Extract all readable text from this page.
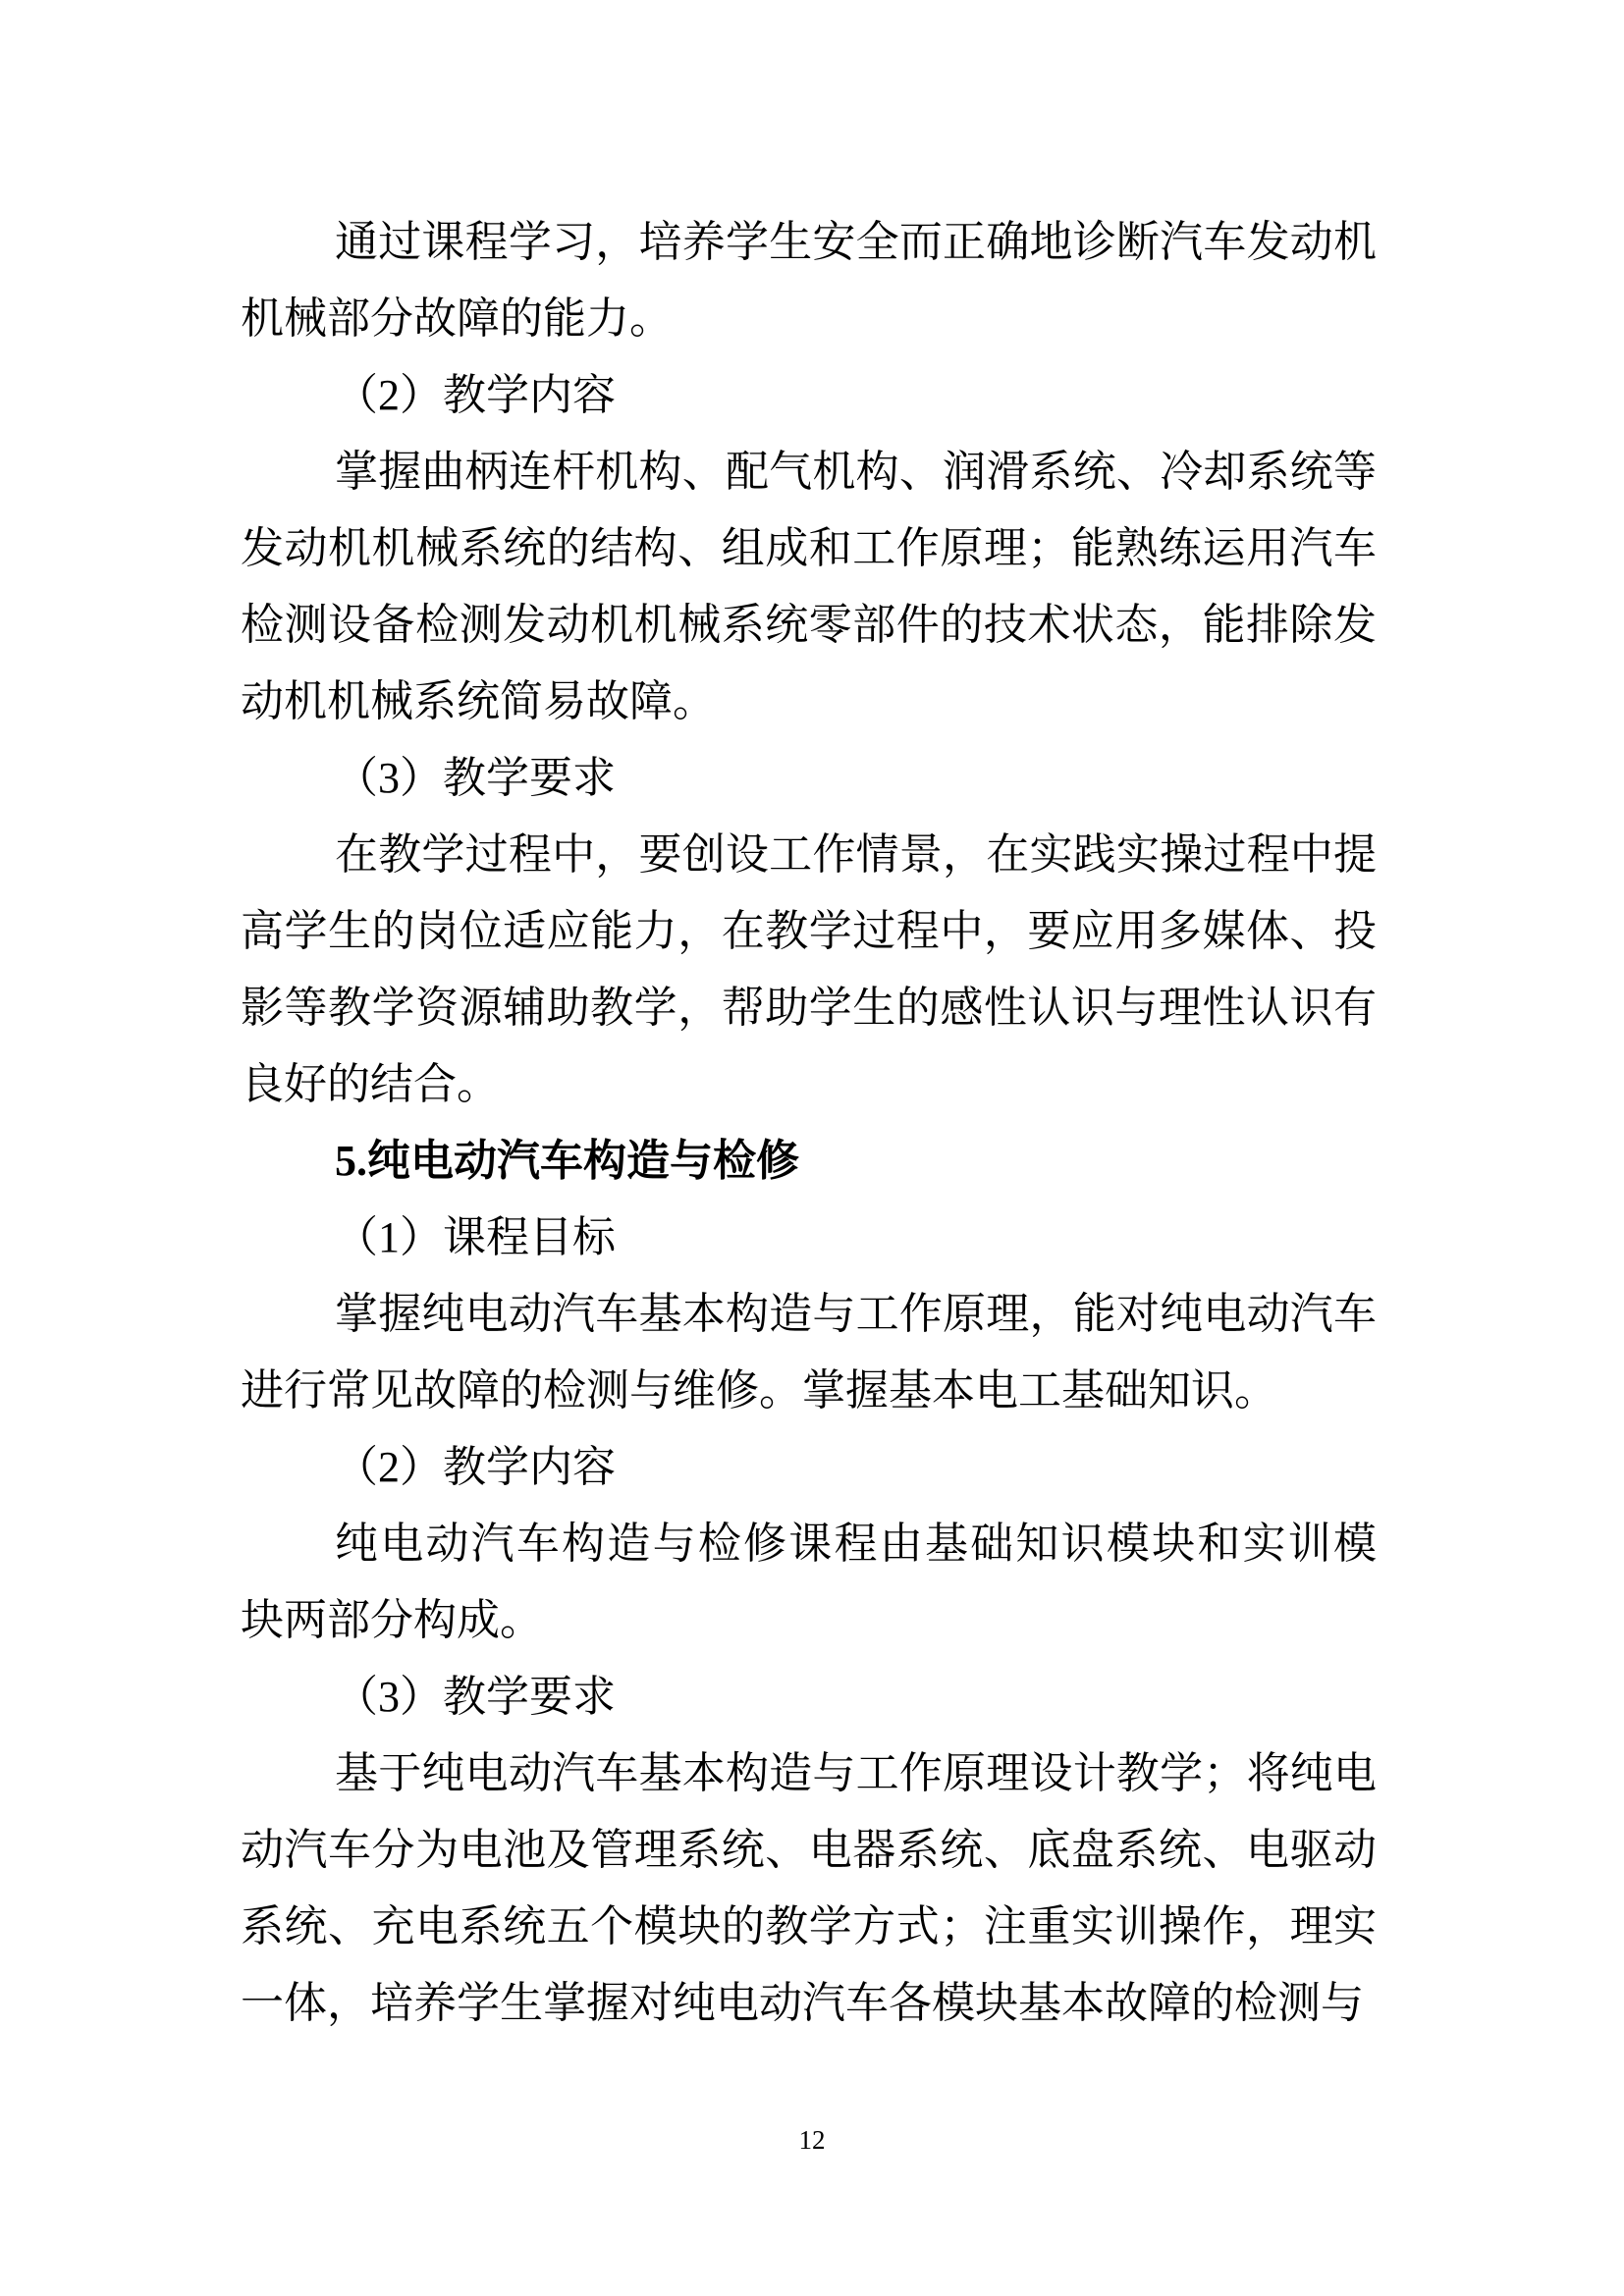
通过课程学习，培养学生安全而正确地诊断汽车发动机
机械部分故障的能力。
（2）教学内容
掌握曲柄连杆机构、配气机构、润滑系统、冷却系统等
发动机机械系统的结构、组成和工作原理；能熟练运用汽车
检测设备检测发动机机械系统零部件的技术状态，能排除发
动机机械系统简易故障。
（3）教学要求
在教学过程中，要创设工作情景，在实践实操过程中提
高学生的岗位适应能力，在教学过程中，要应用多媒体、投
影等教学资源辅助教学，帮助学生的感性认识与理性认识有
良好的结合。
5.纯电动汽车构造与检修
（1）课程目标
掌握纯电动汽车基本构造与工作原理，能对纯电动汽车
进行常见故障的检测与维修。掌握基本电工基础知识。
（2）教学内容
纯电动汽车构造与检修课程由基础知识模块和实训模
块两部分构成。
（3）教学要求
基于纯电动汽车基本构造与工作原理设计教学；将纯电
动汽车分为电池及管理系统、电器系统、底盘系统、电驱动
系统、充电系统五个模块的教学方式；注重实训操作，理实
一体，培养学生掌握对纯电动汽车各模块基本故障的检测与
12
